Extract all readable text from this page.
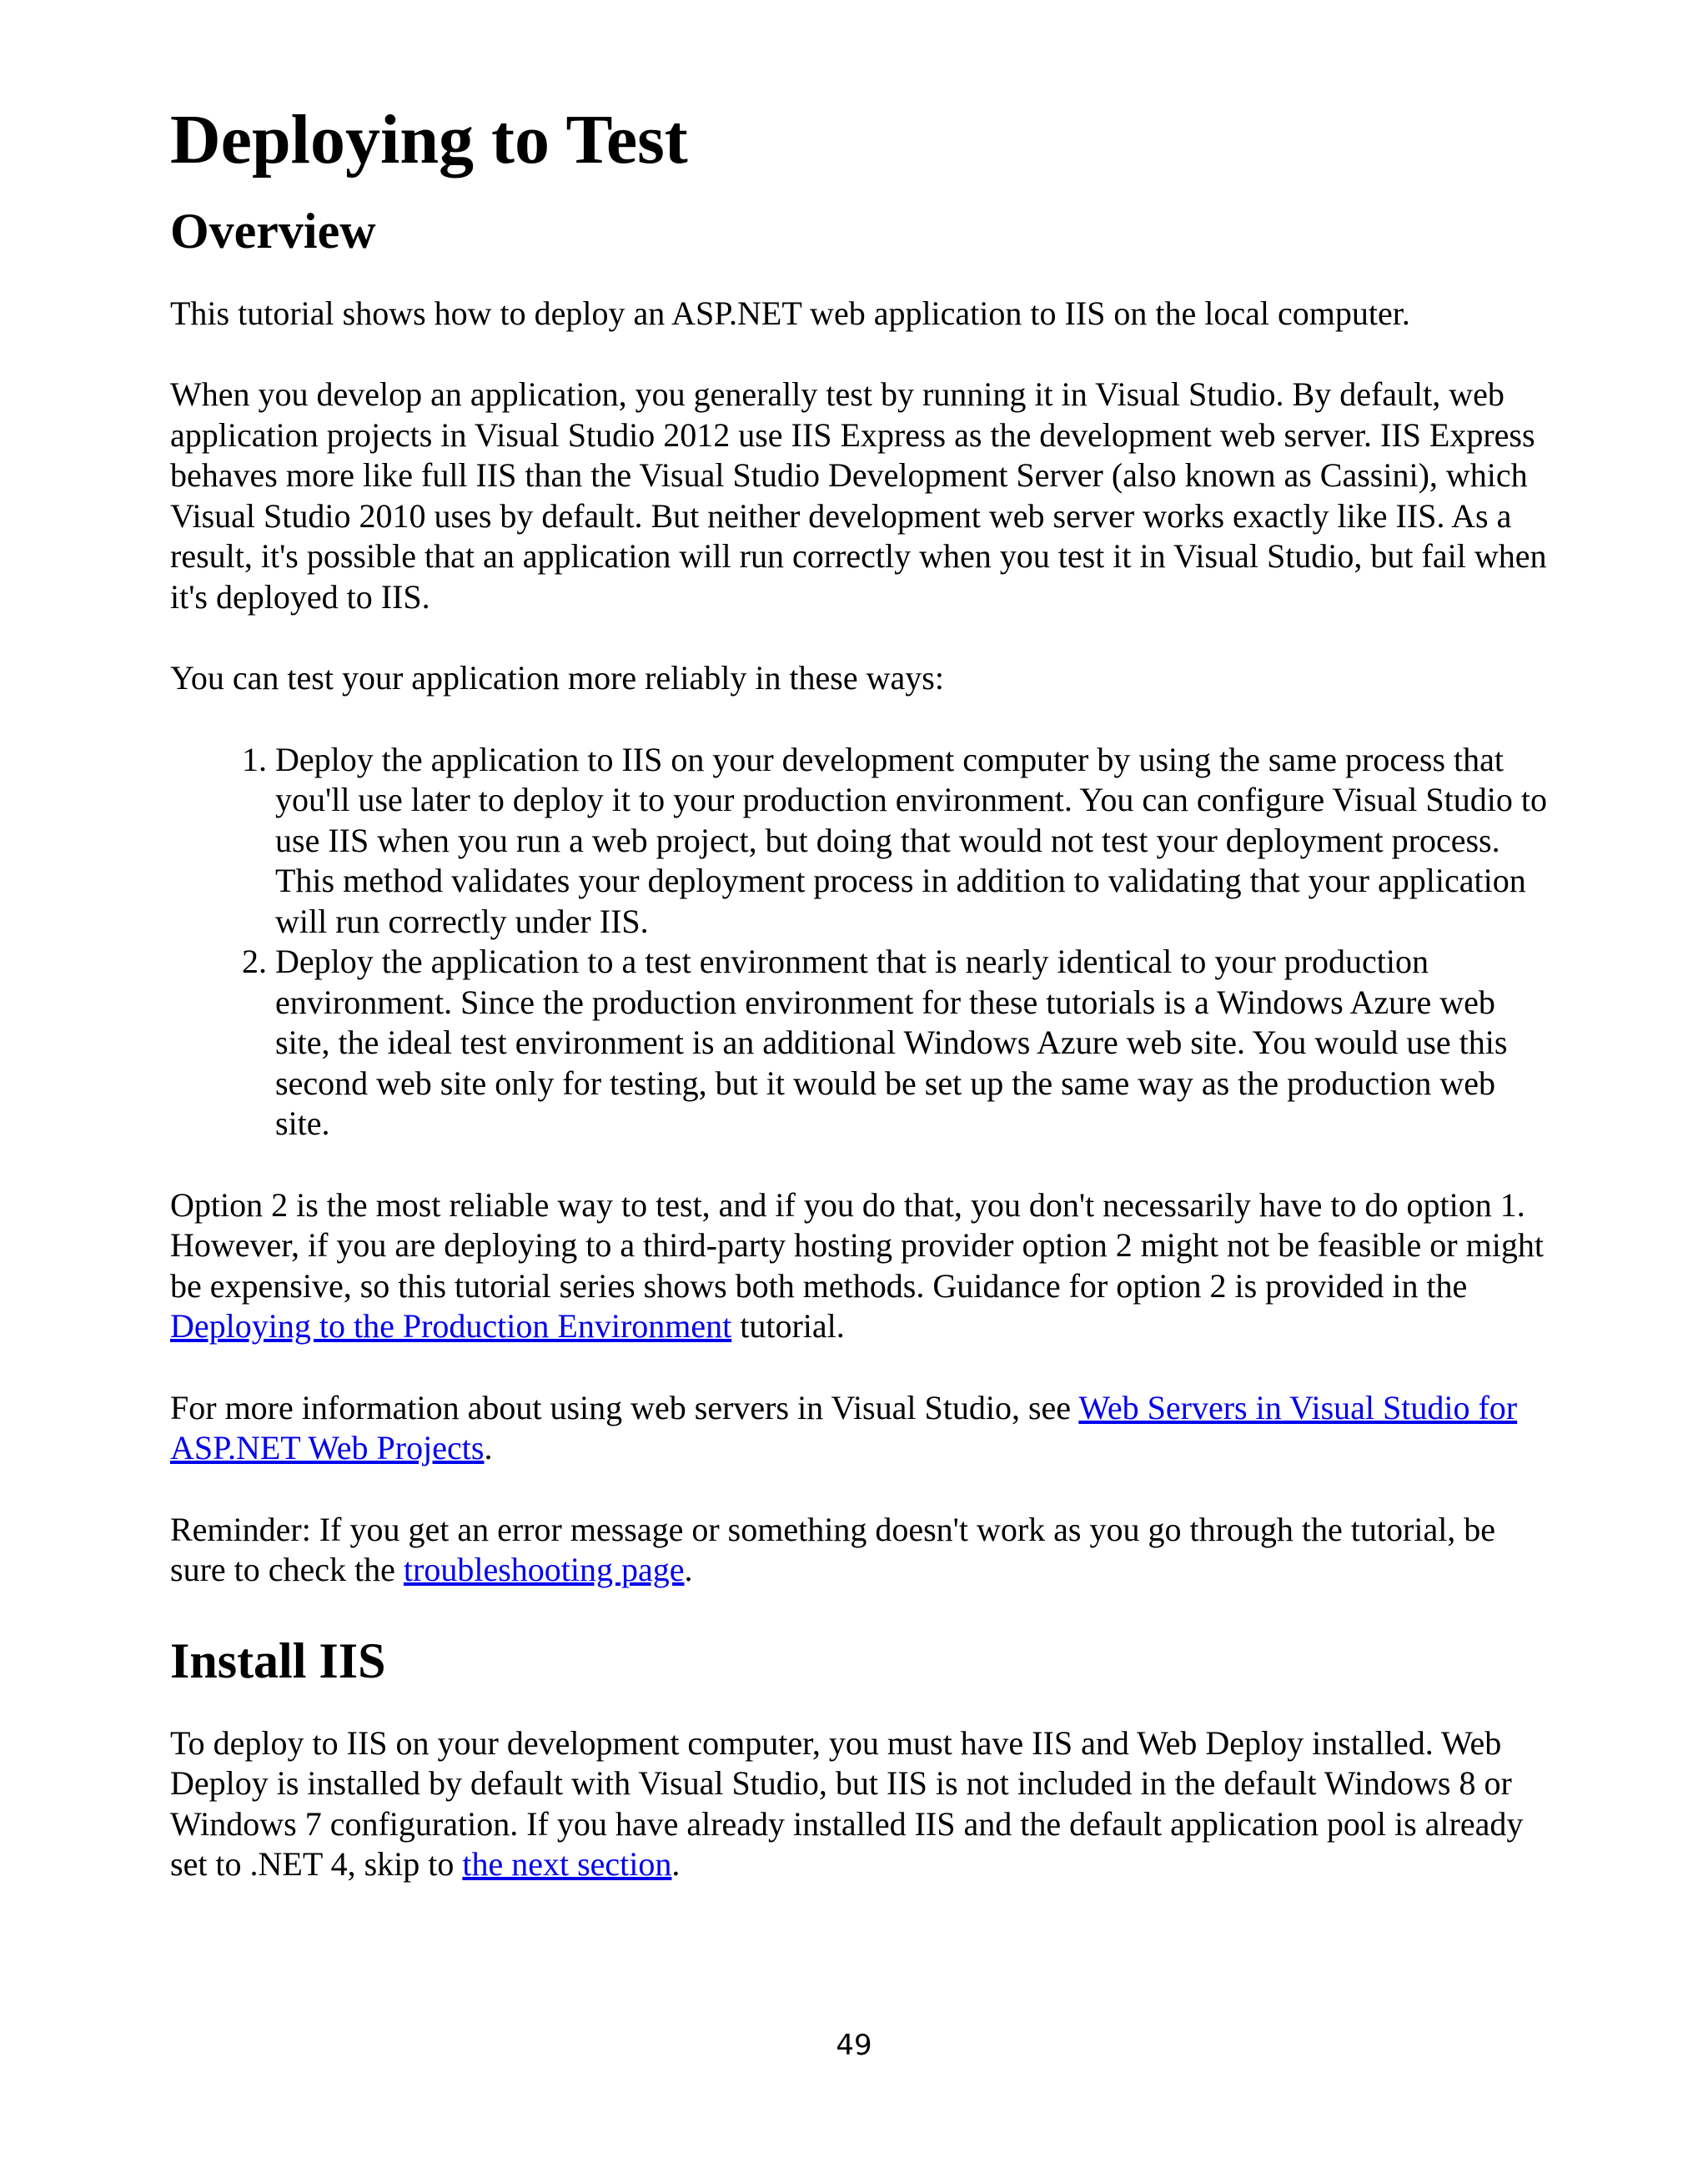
Deploying to Test
Overview

This tutorial shows how to deploy an ASP.NET web application to IIS on the local computer.

When you develop an application, you generally test by running it in Visual Studio. By default, web application projects in Visual Studio 2012 use IIS Express as the development web server. IIS Express behaves more like full IIS than the Visual Studio Development Server (also known as Cassini), which Visual Studio 2010 uses by default. But neither development web server works exactly like IIS. As a result, it's possible that an application will run correctly when you test it in Visual Studio, but fail when it's deployed to IIS.

You can test your application more reliably in these ways:

1. Deploy the application to IIS on your development computer by using the same process that you'll use later to deploy it to your production environment. You can configure Visual Studio to use IIS when you run a web project, but doing that would not test your deployment process. This method validates your deployment process in addition to validating that your application will run correctly under IIS.
2. Deploy the application to a test environment that is nearly identical to your production environment. Since the production environment for these tutorials is a Windows Azure web site, the ideal test environment is an additional Windows Azure web site. You would use this second web site only for testing, but it would be set up the same way as the production web site.

Option 2 is the most reliable way to test, and if you do that, you don't necessarily have to do option 1. However, if you are deploying to a third-party hosting provider option 2 might not be feasible or might be expensive, so this tutorial series shows both methods. Guidance for option 2 is provided in the Deploying to the Production Environment tutorial.

For more information about using web servers in Visual Studio, see Web Servers in Visual Studio for ASP.NET Web Projects.

Reminder: If you get an error message or something doesn't work as you go through the tutorial, be sure to check the troubleshooting page.

Install IIS

To deploy to IIS on your development computer, you must have IIS and Web Deploy installed. Web Deploy is installed by default with Visual Studio, but IIS is not included in the default Windows 8 or Windows 7 configuration. If you have already installed IIS and the default application pool is already set to .NET 4, skip to the next section.

49
